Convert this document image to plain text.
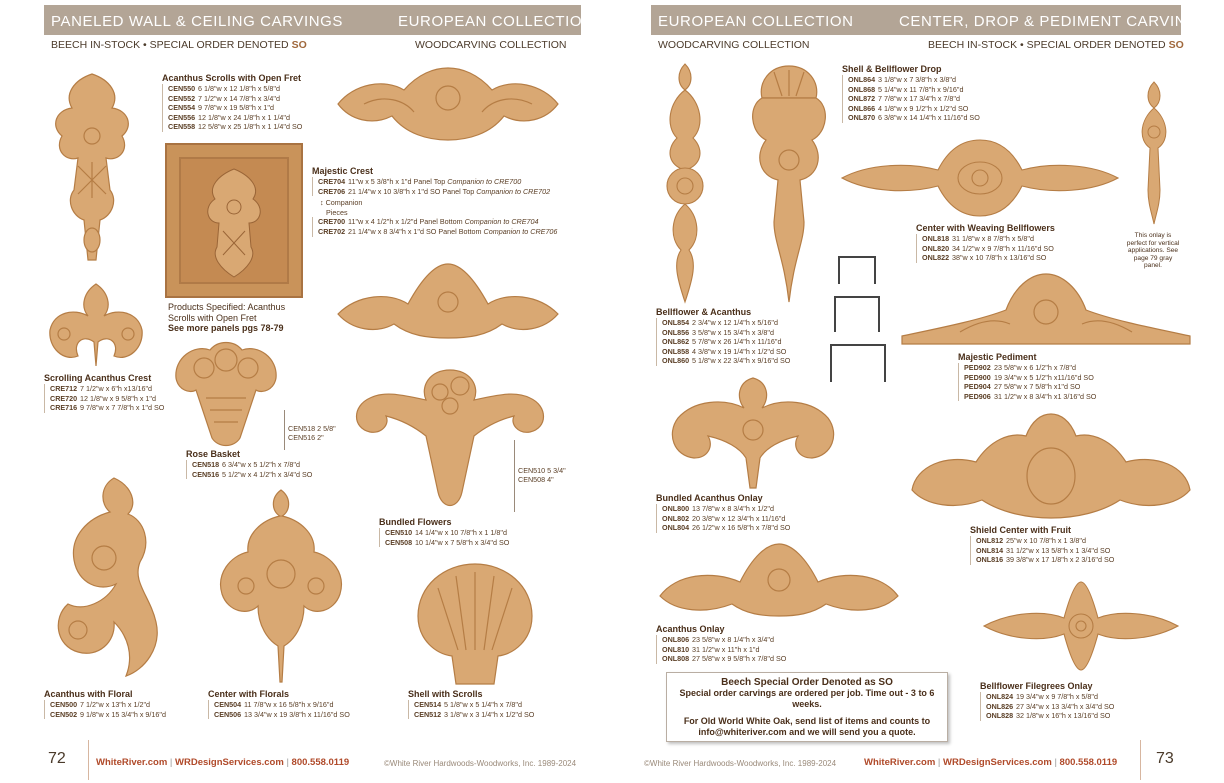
PANELED WALL & CEILING CARVINGS	EUROPEAN COLLECTION	EUROPEAN COLLECTION	CENTER, DROP & PEDIMENT CARVINGS
BEECH IN-STOCK • SPECIAL ORDER DENOTED SO	WOODCARVING COLLECTION	WOODCARVING COLLECTION	BEECH IN-STOCK • SPECIAL ORDER DENOTED SO
Acanthus Scrolls with Open Fret
CEN550 6 1/8"w x 12 1/8"h x 5/8"d
CEN552 7 1/2"w x 14 7/8"h x 3/4"d
CEN554 9 7/8"w x 19 5/8"h x 1"d
CEN556 12 1/8"w x 24 1/8"h x 1 1/4"d
CEN558 12 5/8"w x 25 1/8"h x 1 1/4"d SO
Products Specified: Acanthus
Scrolls with Open Fret
See more panels pgs 78-79
Majestic Crest
CRE704 11"w x 5 3/8"h x 1"d Panel Top Companion to CRE700
CRE706 21 1/4"w x 10 3/8"h x 1"d SO Panel Top Companion to CRE702
↕ Companion
Pieces
CRE700 11"w x 4 1/2"h x 1/2"d Panel Bottom Companion to CRE704
CRE702 21 1/4"w x 8 3/4"h x 1"d SO Panel Bottom Companion to CRE706
Scrolling Acanthus Crest
CRE712 7 1/2"w x 6"h x13/16"d
CRE720 12 1/8"w x 9 5/8"h x 1"d
CRE716 9 7/8"w x 7 7/8"h x 1"d SO
CEN518 2 5/8"
CEN516 2"
Rose Basket
CEN518 6 3/4"w x 5 1/2"h x 7/8"d
CEN516 5 1/2"w x 4 1/2"h x 3/4"d SO	CEN510 5 3/4"
CEN508 4"
Bundled Flowers
CEN510 14 1/4"w x 10 7/8"h x 1 1/8"d
CEN508 10 1/4"w x 7 5/8"h x 3/4"d SO
Acanthus with Floral
CEN500 7 1/2"w x 13"h x 1/2"d
CEN502 9 1/8"w x 15 3/4"h x 9/16"d
Center with Florals
CEN504 11 7/8"w x 16 5/8"h x 9/16"d
CEN506 13 3/4"w x 19 3/8"h x 11/16"d SO
Shell with Scrolls
CEN514 5 1/8"w x 5 1/4"h x 7/8"d
CEN512 3 1/8"w x 3 1/4"h x 1/2"d SO
Shell & Bellflower Drop
ONL864 3 1/8"w x 7 3/8"h x 3/8"d
ONL868 5 1/4"w x 11 7/8"h x 9/16"d
ONL872 7 7/8"w x 17 3/4"h x 7/8"d
ONL866 4 1/8"w x 9 1/2"h x 1/2"d SO
ONL870 6 3/8"w x 14 1/4"h x 11/16"d SO
Center with Weaving Bellflowers
ONL818 31 1/8"w x 8 7/8"h x 5/8"d
ONL820 34 1/2"w x 9 7/8"h x 11/16"d SO
ONL822 38"w x 10 7/8"h x 13/16"d SO
This onlay is
perfect for vertical
applications. See
page 79 gray
panel.
Bellflower & Acanthus
ONL854 2 3/4"w x 12 1/4"h x 5/16"d
ONL856 3 5/8"w x 15 3/4"h x 3/8"d
ONL862 5 7/8"w x 26 1/4"h x 11/16"d
ONL858 4 3/8"w x 19 1/4"h x 1/2"d SO
ONL860 5 1/8"w x 22 3/4"h x 9/16"d SO	Majestic Pediment
PED902 23 5/8"w x 6 1/2"h x 7/8"d
PED900 19 3/4"w x 5 1/2"h x11/16"d SO
PED904 27 5/8"w x 7 5/8"h x1"d SO
PED906 31 1/2"w x 8 3/4"h x1 3/16"d SO
Bundled Acanthus Onlay
ONL800 13 7/8"w x 8 3/4"h x 1/2"d
ONL802 20 3/8"w x 12 3/4"h x 11/16"d
ONL804 26 1/2"w x 16 5/8"h x 7/8"d SO	Shield Center with Fruit
ONL812 25"w x 10 7/8"h x 1 3/8"d
ONL814 31 1/2"w x 13 5/8"h x 1 3/4"d SO
ONL816 39 3/8"w x 17 1/8"h x 2 3/16"d SO
Acanthus Onlay
ONL806 23 5/8"w x 8 1/4"h x 3/4"d
ONL810 31 1/2"w x 11"h x 1"d
ONL808 27 5/8"w x 9 5/8"h x 7/8"d SO
Bellflower Filegrees Onlay
ONL824 19 3/4"w x 9 7/8"h x 5/8"d
ONL826 27 3/4"w x 13 3/4"h x 3/4"d SO
ONL828 32 1/8"w x 16"h x 13/16"d SO
Beech Special Order Denoted as SO
Special order carvings are ordered per job. Time out - 3 to 6 weeks.
For Old World White Oak, send list of items and counts to
info@whiteriver.com and we will send you a quote.
72	WhiteRiver.com | WRDesignServices.com | 800.558.0119	©White River Hardwoods-Woodworks, Inc. 1989-2024	©White River Hardwoods-Woodworks, Inc. 1989-2024	WhiteRiver.com | WRDesignServices.com | 800.558.0119 73
